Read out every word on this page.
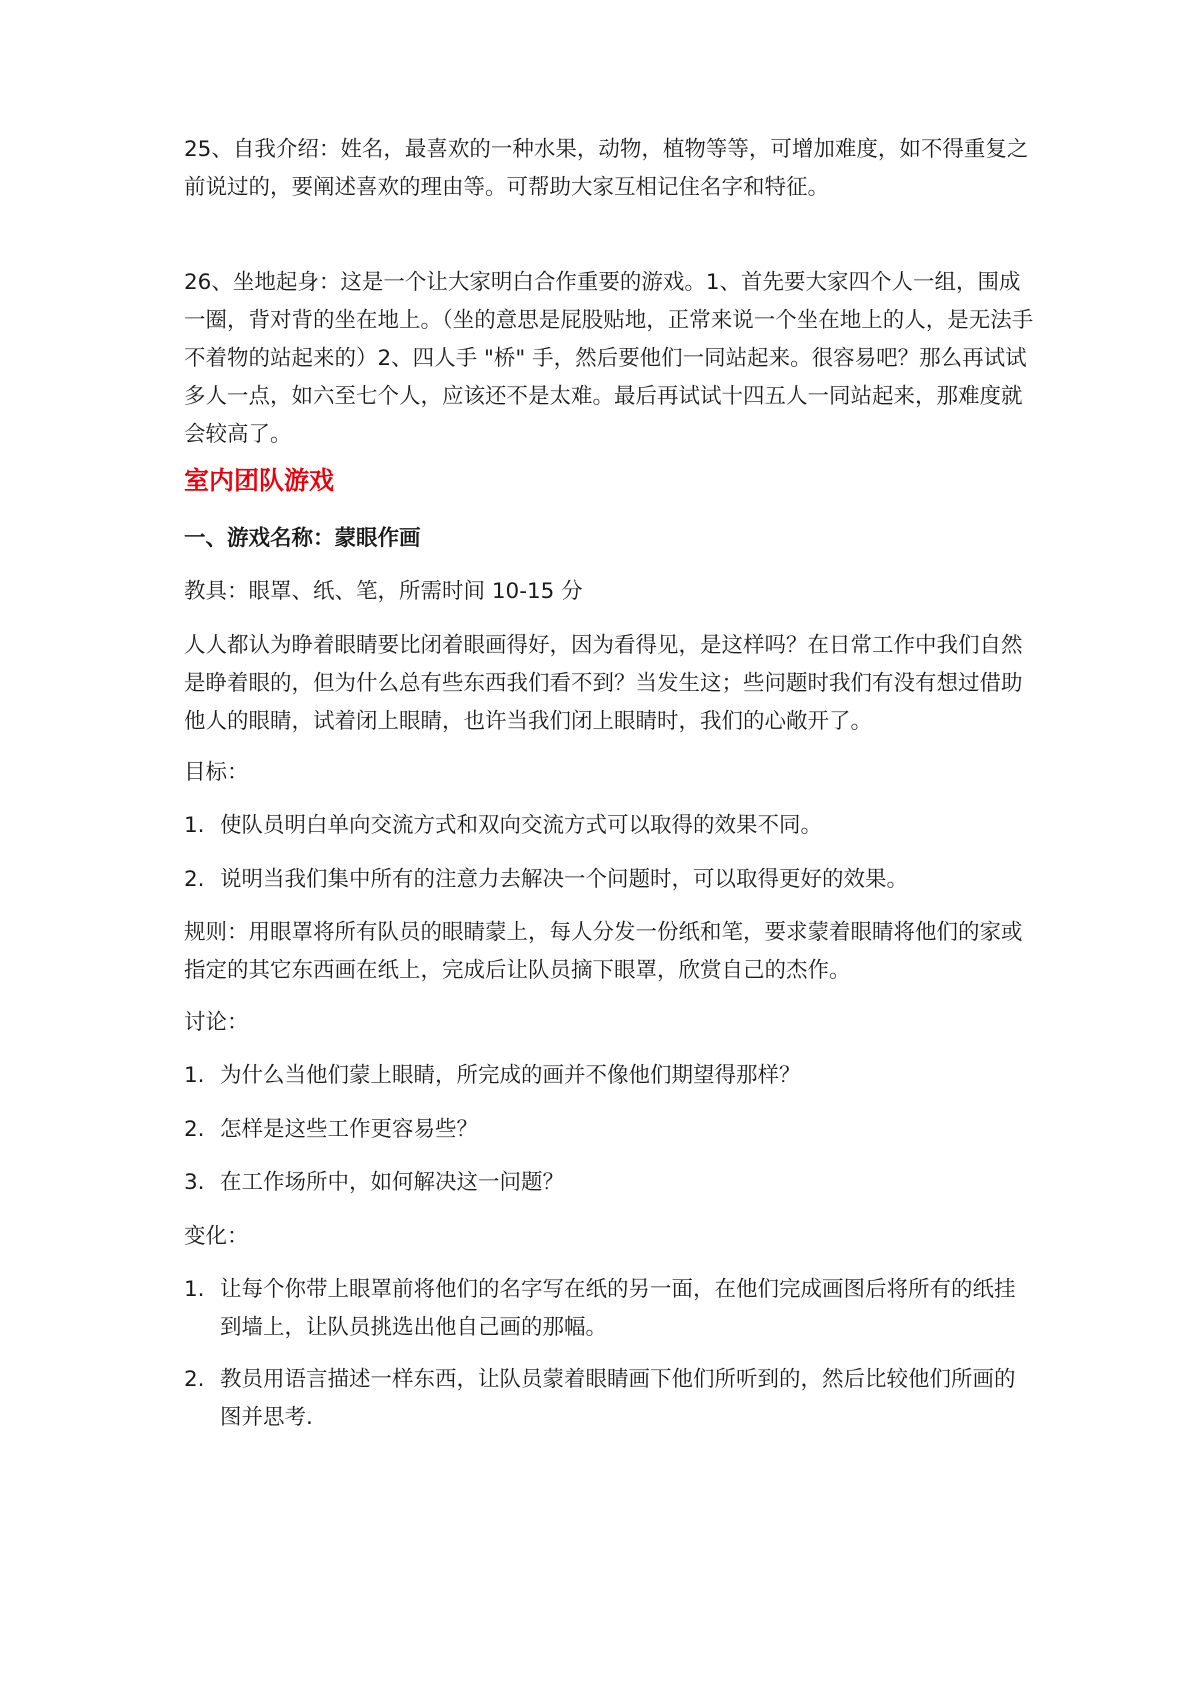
25、自我介绍：姓名，最喜欢的一种水果，动物，植物等等，可增加难度，如不得重复之前说过的，要阐述喜欢的理由等。可帮助大家互相记住名字和特征。

26、坐地起身：这是一个让大家明白合作重要的游戏。1、首先要大家四个人一组，围成一圈，背对背的坐在地上。（坐的意思是屁股贴地，正常来说一个坐在地上的人，是无法手不着物的站起来的）2、四人手 "桥" 手，然后要他们一同站起来。很容易吧？那么再试试多人一点，如六至七个人，应该还不是太难。最后再试试十四五人一同站起来，那难度就会较高了。

室内团队游戏
一、游戏名称：蒙眼作画

教具：眼罩、纸、笔，所需时间 10-15 分

人人都认为睁着眼睛要比闭着眼画得好，因为看得见，是这样吗？在日常工作中我们自然是睁着眼的，但为什么总有些东西我们看不到？当发生这；些问题时我们有没有想过借助他人的眼睛，试着闭上眼睛，也许当我们闭上眼睛时，我们的心敞开了。

目标：

1. 使队员明白单向交流方式和双向交流方式可以取得的效果不同。
2. 说明当我们集中所有的注意力去解决一个问题时，可以取得更好的效果。

规则：用眼罩将所有队员的眼睛蒙上，每人分发一份纸和笔，要求蒙着眼睛将他们的家或指定的其它东西画在纸上，完成后让队员摘下眼罩，欣赏自己的杰作。

讨论：

1. 为什么当他们蒙上眼睛，所完成的画并不像他们期望得那样？
2. 怎样是这些工作更容易些？
3. 在工作场所中，如何解决这一问题？

变化：

1. 让每个你带上眼罩前将他们的名字写在纸的另一面，在他们完成画图后将所有的纸挂到墙上，让队员挑选出他自己画的那幅。
2. 教员用语言描述一样东西，让队员蒙着眼睛画下他们所听到的，然后比较他们所画的图并思考.
